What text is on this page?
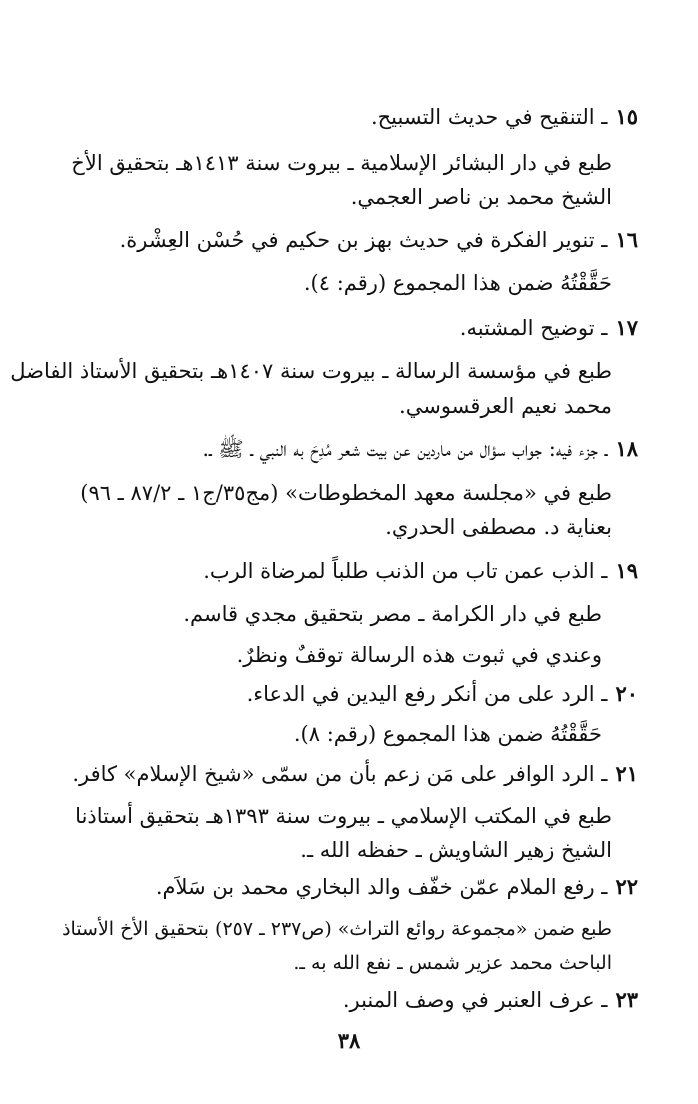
١٥ـ التنقيح في حديث التسبيح.
طبع في دار البشائر الإسلامية ـ بيروت سنة ١٤١٣هـ بتحقيق الأخ
الشيخ محمد بن ناصر العجمي.
١٦ـ تنوير الفكرة في حديث بهز بن حكيم في حُسْن العِشْرة.
حَقَّقْتُهُ ضمن هذا المجموع (رقم: ٤).
١٧ـ توضيح المشتبه.
طبع في مؤسسة الرسالة ـ بيروت سنة ١٤٠٧هـ بتحقيق الأستاذ الفاضل
محمد نعيم العرقسوسي.
١٨ـ جزء فيه: جواب سؤال من ماردين عن بيت شعر مُدِحَ به النبي ـ ﷺ ـ.
طبع في «مجلسة معهد المخطوطات» (مج٣٥/ج١ ـ ٨٧/٢ ـ ٩٦)
بعناية د. مصطفى الحدري.
١٩ـ الذب عمن تاب من الذنب طلباً لمرضاة الرب.
طبع في دار الكرامة ـ مصر بتحقيق مجدي قاسم.
وعندي في ثبوت هذه الرسالة توقفٌ ونظرٌ.
٢٠ـ الرد على من أنكر رفع اليدين في الدعاء.
حَقَّقْتُهُ ضمن هذا المجموع (رقم: ٨).
٢١ـ الرد الوافر على مَن زعم بأن من سمّى «شيخ الإسلام» كافر.
طبع في المكتب الإسلامي ـ بيروت سنة ١٣٩٣هـ بتحقيق أستاذنا
الشيخ زهير الشاويش ـ حفظه الله ـ.
٢٢ـ رفع الملام عمّن خفّف والد البخاري محمد بن سَلاَم.
طبع ضمن «مجموعة روائع التراث» (ص٢٣٧ ـ ٢٥٧) بتحقيق الأخ الأستاذ
الباحث محمد عزير شمس ـ نفع الله به ـ.
٢٣ـ عرف العنبر في وصف المنبر.
٣٨
